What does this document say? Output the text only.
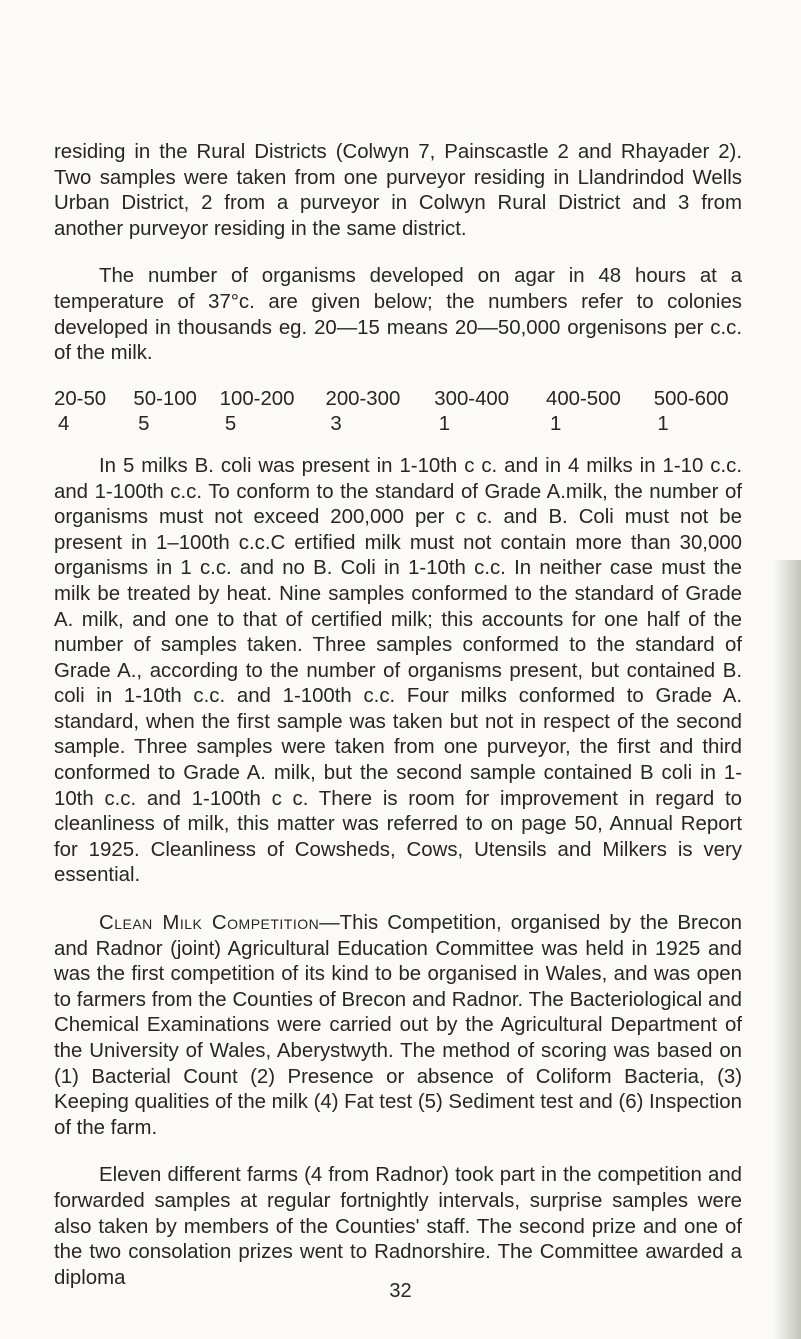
residing in the Rural Districts (Colwyn 7, Painscastle 2 and Rhayader 2). Two samples were taken from one purveyor residing in Llandrindod Wells Urban District, 2 from a purveyor in Colwyn Rural District and 3 from another purveyor residing in the same district.

The number of organisms developed on agar in 48 hours at a temperature of 37°c. are given below; the numbers refer to colonies developed in thousands eg. 20—15 means 20—50,000 orgenisons per c.c. of the milk.

20-50	50-100	100-200	200-300	300-400	400-500	500-600
4	5	5	3	1	1	1

In 5 milks B. coli was present in 1-10th c c. and in 4 milks in 1-10 c.c. and 1-100th c.c. To conform to the standard of Grade A.milk, the number of organisms must not exceed 200,000 per c c. and B. Coli must not be present in 1–100th c.c.C ertified milk must not contain more than 30,000 organisms in 1 c.c. and no B. Coli in 1-10th c.c. In neither case must the milk be treated by heat. Nine samples conformed to the standard of Grade A. milk, and one to that of certified milk; this accounts for one half of the number of samples taken. Three samples conformed to the standard of Grade A., according to the number of organisms present, but contained B. coli in 1-10th c.c. and 1-100th c.c. Four milks conformed to Grade A. standard, when the first sample was taken but not in respect of the second sample. Three samples were taken from one purveyor, the first and third conformed to Grade A. milk, but the second sample contained B coli in 1-10th c.c. and 1-100th c c. There is room for improvement in regard to cleanliness of milk, this matter was referred to on page 50, Annual Report for 1925. Cleanliness of Cowsheds, Cows, Utensils and Milkers is very essential.

Clean Milk Competition—This Competition, organised by the Brecon and Radnor (joint) Agricultural Education Committee was held in 1925 and was the first competition of its kind to be organised in Wales, and was open to farmers from the Counties of Brecon and Radnor. The Bacteriological and Chemical Examinations were carried out by the Agricultural Department of the University of Wales, Aberystwyth. The method of scoring was based on (1) Bacterial Count (2) Presence or absence of Coliform Bacteria, (3) Keeping qualities of the milk (4) Fat test (5) Sediment test and (6) Inspection of the farm.

Eleven different farms (4 from Radnor) took part in the competition and forwarded samples at regular fortnightly intervals, surprise samples were also taken by members of the Counties' staff. The second prize and one of the two consolation prizes went to Radnorshire. The Committee awarded a diploma

32
